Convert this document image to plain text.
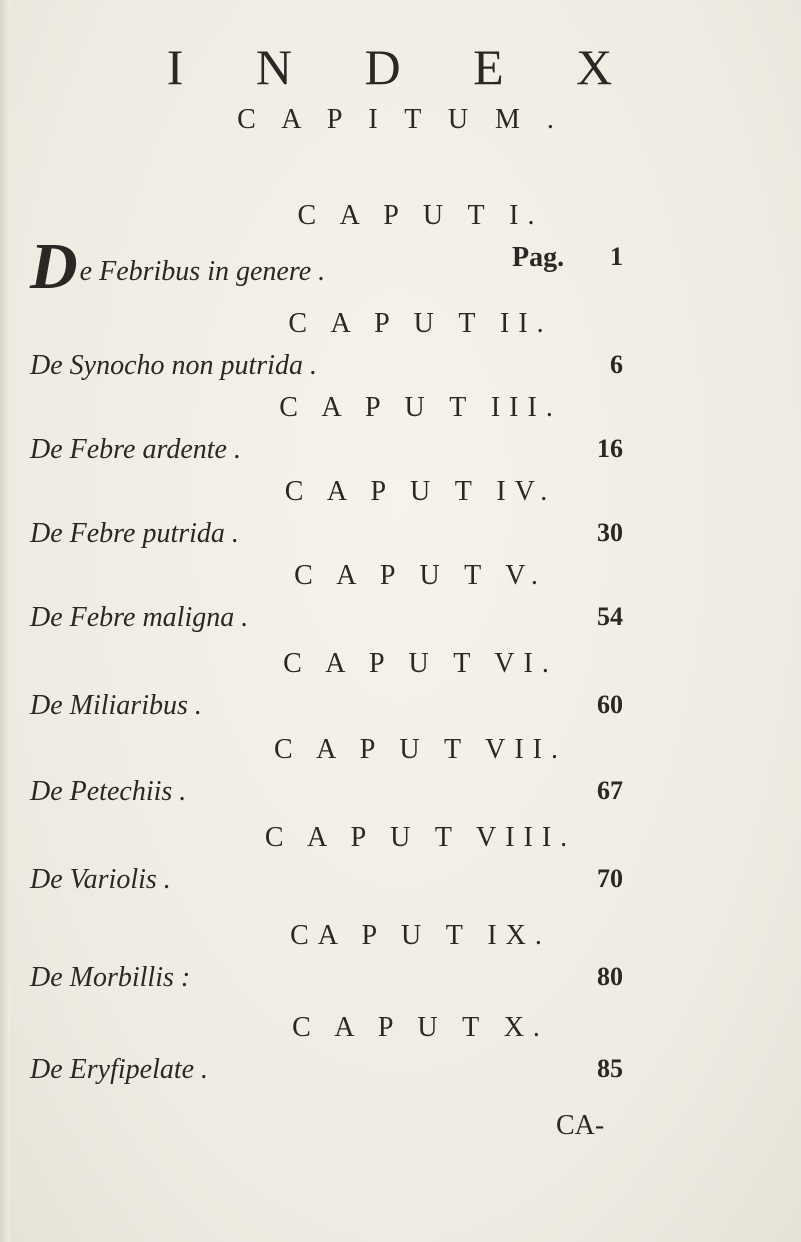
I N D E X
C A P I T U M .
C A P U T I.
De Febribus in genere .	Pag. 1
C A P U T II.
De Synocho non putrida .	6
C A P U T III.
De Febre ardente .	16
C A P U T IV.
De Febre putrida .	30
C A P U T V.
De Febre maligna .	54
C A P U T VI.
De Miliaribus .	60
C A P U T VII.
De Petechiis .	67
C A P U T VIII.
De Variolis .	70
CA P U T IX.
De Morbillis :	80
C A P U T X.
De Eryfipelate .	85
CA-
